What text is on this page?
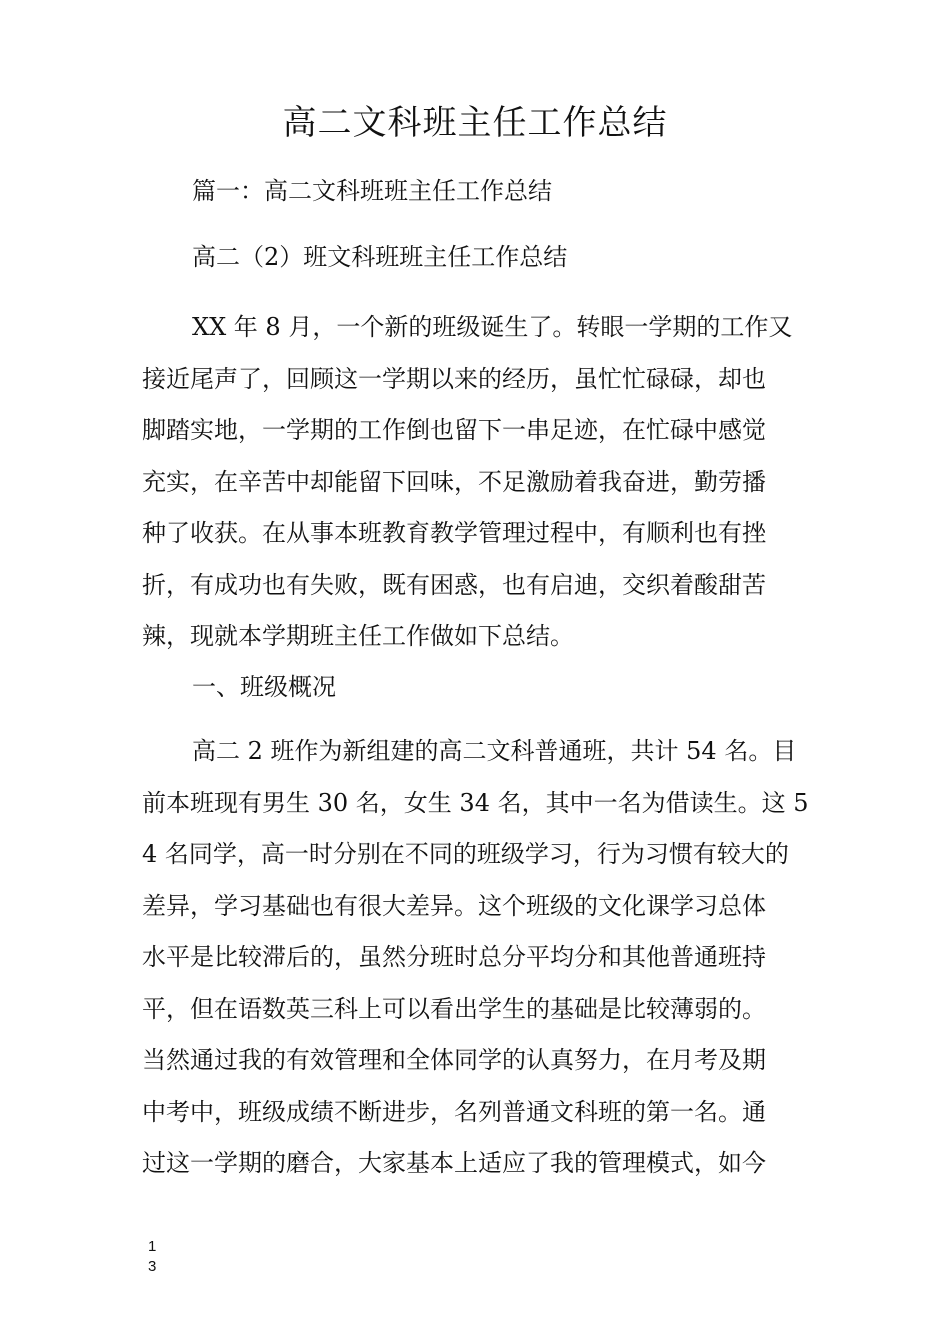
高二文科班主任工作总结

篇一：高二文科班班主任工作总结

高二（2）班文科班班主任工作总结

XX 年 8 月，一个新的班级诞生了。转眼一学期的工作又
接近尾声了，回顾这一学期以来的经历，虽忙忙碌碌，却也
脚踏实地，一学期的工作倒也留下一串足迹，在忙碌中感觉
充实，在辛苦中却能留下回味，不足激励着我奋进，勤劳播
种了收获。在从事本班教育教学管理过程中，有顺利也有挫
折，有成功也有失败，既有困惑，也有启迪，交织着酸甜苦
辣，现就本学期班主任工作做如下总结。

一、班级概况

高二 2 班作为新组建的高二文科普通班，共计 54 名。目
前本班现有男生 30 名，女生 34 名，其中一名为借读生。这 5
4 名同学，高一时分别在不同的班级学习，行为习惯有较大的
差异，学习基础也有很大差异。这个班级的文化课学习总体
水平是比较滞后的，虽然分班时总分平均分和其他普通班持
平，但在语数英三科上可以看出学生的基础是比较薄弱的。
当然通过我的有效管理和全体同学的认真努力，在月考及期
中考中，班级成绩不断进步，名列普通文科班的第一名。通
过这一学期的磨合，大家基本上适应了我的管理模式，如今
13
